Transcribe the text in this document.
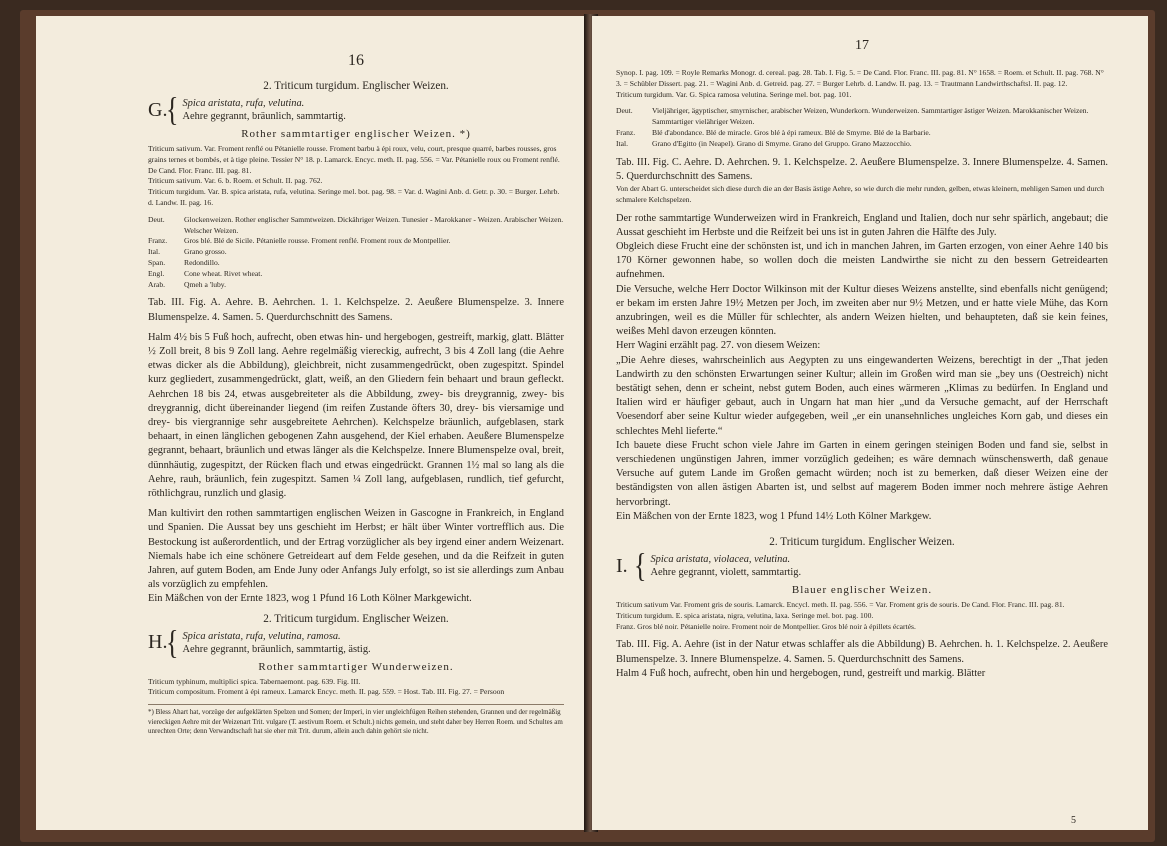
16
2. Triticum turgidum. Englischer Weizen.
G.
{ Spica aristata, rufa, velutina.
Aehre gegrannt, bräunlich, sammtartig.
Rother sammtartiger englischer Weizen. *)

Triticum sativum. Var. Froment renflé ou Pétanielle rousse. Froment barbu à épi roux, velu, court, presque quarré, barbes rousses, gros grains ternes et bombés, et à tige pleine. Tessier N° 18. p. Lamarck. Encyc. meth. II. pag. 556. = Var. Pétanielle roux ou Froment renflé. De Cand. Flor. Franc. III. pag. 81.

Triticum sativum. Var. 6. b. Roem. et Schult. II. pag. 762.

Triticum turgidum. Var. B. spica aristata, rufa, velutina. Seringe mel. bot. pag. 98. = Var. d. Wagini Anb. d. Getr. p. 30. = Burger. Lehrb. d. Landw. II. pag. 16.

Deut.	Glockenweizen. Rother englischer Sammtweizen. Dickähriger Weizen. Tunesier - Marokkaner - Weizen. Arabischer Weizen. Welscher Weizen.
Franz.	Gros blé. Blé de Sicile. Pétanielle rousse. Froment renflé. Froment roux de Montpellier.
Ital.	Grano grosso.
Span.	Redondillo.
Engl.	Cone wheat. Rivet wheat.
Arab.	Qmeh a 'luby.

Tab. III. Fig. A. Aehre. B. Aehrchen. 1. 1. Kelchspelze. 2. Aeußere Blumenspelze. 3. Innere Blumenspelze. 4. Samen. 5. Querdurchschnitt des Samens.

Halm 4½ bis 5 Fuß hoch, aufrecht, oben etwas hin- und hergebogen, gestreift, markig, glatt. Blätter ½ Zoll breit, 8 bis 9 Zoll lang. Aehre regelmäßig viereckig, aufrecht, 3 bis 4 Zoll lang (die Aehre etwas dicker als die Abbildung), gleichbreit, nicht zusammengedrückt, oben zugespitzt. Spindel kurz gegliedert, zusammengedrückt, glatt, weiß, an den Gliedern fein behaart und braun gefleckt. Aehrchen 18 bis 24, etwas ausgebreiteter als die Abbildung, zwey- bis dreygrannig, zwey- bis dreygrannig, dicht übereinander liegend (im reifen Zustande öfters 30, drey- bis viersamige und drey- bis viergrannige sehr ausgebreitete Aehrchen). Kelchspelze bräunlich, aufgeblasen, stark behaart, in einen länglichen gebogenen Zahn ausgehend, der Kiel erhaben. Aeußere Blumenspelze gegrannt, behaart, bräunlich und etwas länger als die Kelchspelze. Innere Blumenspelze oval, breit, dünnhäutig, zugespitzt, der Rücken flach und etwas eingedrückt. Grannen 1½ mal so lang als die Aehre, rauh, bräunlich, fein zugespitzt. Samen ¼ Zoll lang, aufgeblasen, rundlich, tief gefurcht, röthlichgrau, runzlich und glasig.

Man kultivirt den rothen sammtartigen englischen Weizen in Gascogne in Frankreich, in England und Spanien. Die Aussat bey uns geschieht im Herbst; er hält über Winter vortrefflich aus. Die Bestockung ist außerordentlich, und der Ertrag vorzüglicher als bey irgend einer andern Weizenart. Niemals habe ich eine schönere Getreideart auf dem Felde gesehen, und da die Reifzeit in guten Jahren, auf gutem Boden, am Ende Juny oder Anfangs July erfolgt, so ist sie allerdings zum Anbau als vorzüglich zu empfehlen.

Ein Mäßchen von der Ernte 1823, wog 1 Pfund 16 Loth Kölner Markgewicht.

2. Triticum turgidum. Englischer Weizen.
H.
{ Spica aristata, rufa, velutina, ramosa.
Aehre gegrannt, bräunlich, sammtartig, ästig.
Rother sammtartiger Wunderweizen.

Triticum typhinum, multiplici spica. Tabernaemont. pag. 639. Fig. III.

Triticum compositum. Froment à épi rameux. Lamarck Encyc. meth. II. pag. 559. = Host. Tab. III. Fig. 27. = Persoon

*) Bless Ahart hat, vorzüge der aufgeklärten Spelzen und Somen; der Imperi, in vier ungleichfügen Reihen stehenden, Grannen und der regelmäßig viereckigen Aehre mit der Weizenart Trit. vulgare (T. aestivum Roem. et Schult.) nichts gemein, und steht daher bey Herren Roem. und Schultes am unrechten Orte; denn Verwandtschaft hat sie eher mit Trit. durum, allein auch dahin gehört sie nicht.

17

Synop. I. pag. 109. = Royle Remarks Monogr. d. cereal. pag. 28. Tab. I. Fig. 5. = De Cand. Flor. Franc. III. pag. 81. N° 1658. = Roem. et Schult. II. pag. 768. N° 3. = Schübler Dissert. pag. 21. = Wagini Anb. d. Getreid. pag. 27. = Burger Lehrb. d. Landw. II. pag. 13. = Trautmann Landwirthschaftsl. II. pag. 12.

Triticum turgidum. Var. G. Spica ramosa velutina. Seringe mel. bot. pag. 101.

Deut.	Vieljähriger, ägyptischer, smyrnischer, arabischer Weizen, Wunderkorn. Wunderweizen. Sammtartiger ästiger Weizen. Marokkanischer Weizen. Sammtartiger vielähriger Weizen.
Franz.	Blé d'abondance. Blé de miracle. Gros blé à épi rameux. Blé de Smyrne. Blé de la Barbarie.
Ital.	Grano d'Egitto (in Neapel). Grano di Smyrne. Grano del Gruppo. Grano Mazzocchio.

Tab. III. Fig. C. Aehre. D. Aehrchen. 9. 1. Kelchspelze. 2. Aeußere Blumenspelze. 3. Innere Blumenspelze. 4. Samen. 5. Querdurchschnitt des Samens.

Von der Abart G. unterscheidet sich diese durch die an der Basis ästige Aehre, so wie durch die mehr runden, gelben, etwas kleinern, mehligen Samen und durch schmalere Kelchspelzen.

Der rothe sammtartige Wunderweizen wird in Frankreich, England und Italien, doch nur sehr spärlich, angebaut; die Aussat geschieht im Herbste und die Reifzeit bei uns ist in guten Jahren die Hälfte des July.

Obgleich diese Frucht eine der schönsten ist, und ich in manchen Jahren, im Garten erzogen, von einer Aehre 140 bis 170 Körner gewonnen habe, so wollen doch die meisten Landwirthe sie nicht zu den bessern Getreidearten aufnehmen.

Die Versuche, welche Herr Doctor Wilkinson mit der Kultur dieses Weizens anstellte, sind ebenfalls nicht genügend; er bekam im ersten Jahre 19½ Metzen per Joch, im zweiten aber nur 9½ Metzen, und er hatte viele Mühe, das Korn anzubringen, weil es die Müller für schlechter, als andern Weizen hielten, und behaupteten, daß sie kein feines, weißes Mehl davon erzeugen könnten.

Herr Wagini erzählt pag. 27. von diesem Weizen:

„Die Aehre dieses, wahrscheinlich aus Aegypten zu uns eingewanderten Weizens, berechtigt in der „That jeden Landwirth zu den schönsten Erwartungen seiner Kultur; allein im Großen wird man sie „bey uns (Oestreich) nicht bestätigt sehen, denn er scheint, nebst gutem Boden, auch eines wärmeren „Klimas zu bedürfen. In England und Italien wird er häufiger gebaut, auch in Ungarn hat man hier „und da Versuche gemacht, auf der Herrschaft Voesendorf aber seine Kultur wieder aufgegeben, weil „er ein unansehnliches ungleiches Korn gab, und dieses ein schlechtes Mehl lieferte.“

Ich bauete diese Frucht schon viele Jahre im Garten in einem geringen steinigen Boden und fand sie, selbst in verschiedenen ungünstigen Jahren, immer vorzüglich gedeihen; es wäre demnach wünschenswerth, daß genaue Versuche auf gutem Lande im Großen gemacht würden; noch ist zu bemerken, daß dieser Weizen eine der beständigsten von allen ästigen Abarten ist, und selbst auf magerem Boden immer noch mehrere ästige Aehren hervorbringt.

Ein Mäßchen von der Ernte 1823, wog 1 Pfund 14½ Loth Kölner Markgew.

2. Triticum turgidum. Englischer Weizen.
I. { Spica aristata, violacea, velutina.
Aehre gegrannt, violett, sammtartig.
Blauer englischer Weizen.

Triticum sativum Var. Froment gris de souris. Lamarck. Encycl. meth. II. pag. 556. = Var. Froment gris de souris. De Cand. Flor. Franc. III. pag. 81.

Triticum turgidum. E. spica aristata, nigra, velutina, laxa. Seringe mel. bot. pag. 100.

Franz. Gros blé noir. Pétanielle noire. Froment noir de Montpellier. Gros blé noir à épillets écartés.

Tab. III. Fig. A. Aehre (ist in der Natur etwas schlaffer als die Abbildung) B. Aehrchen. h. 1. Kelchspelze. 2. Aeußere Blumenspelze. 3. Innere Blumenspelze. 4. Samen. 5. Querdurchschnitt des Samens.

Halm 4 Fuß hoch, aufrecht, oben hin und hergebogen, rund, gestreift und markig. Blätter

5
